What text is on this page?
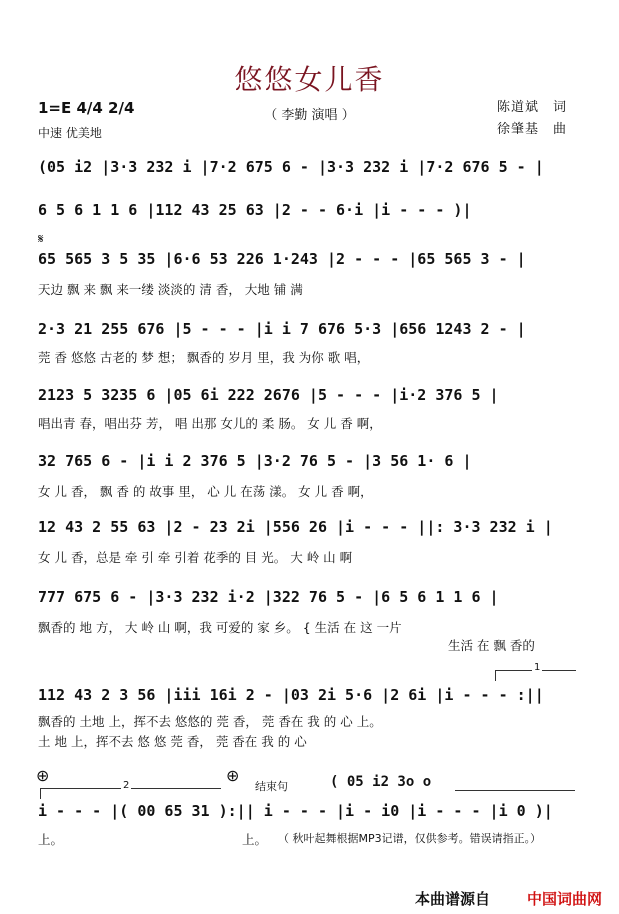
悠悠女儿香
（ 李勤 演唱 ）
1=E 4/4 2/4
中速 优美地
陈道斌　词
徐肇基　曲
(05 i2 |3·3 232 i |7·2 675 6 - |3·3 232 i |7·2 676 5 - |
6 5 6 1 1 6 |112 43 25 63 |2 - - 6·i |i - - - )|
𝄋
65 565 3 5 35 |6·6 53 226 1·243 |2 - - - |65 565 3 - |
天边 飘 来 飘 来一缕 淡淡的 清 香， 大地 铺 满
2·3 21 255 676 |5 - - - |i i 7 676 5·3 |656 1243 2 - |
莞 香 悠悠 古老的 梦 想； 飘香的 岁月 里，我 为你 歌 唱，
2123 5 3235 6 |05 6i 222 2676 |5 - - - |i·2 376 5 |
唱出青 春，唱出芬 芳， 唱 出那 女儿的 柔 肠。 女 儿 香 啊，
32 765 6 - |i i 2 376 5 |3·2 76 5 - |3 56 1· 6 |
女 儿 香， 飘 香 的 故事 里， 心 儿 在荡 漾。 女 儿 香 啊，
12 43 2 55 63 |2 - 23 2i |556 26 |i - - - ||: 3·3 232 i |
女 儿 香，总是 牵 引 牵 引着 花季的 目 光。 大 岭 山 啊
777 675 6 - |3·3 232 i·2 |322 76 5 - |6 5 6 1 1 6 |
飘香的 地 方， 大 岭 山 啊，我 可爱的 家 乡。 { 生活 在 这 一片
生活 在 飘 香的
1
112 43 2 3 56 |iii 16i 2 - |03 2i 5·6 |2 6i |i - - - :||
飘香的 土地 上，挥不去 悠悠的 莞 香， 莞 香在 我 的 心 上。
土 地 上，挥不去 悠 悠 莞 香， 莞 香在 我 的 心
⊕	⊕
2	结束句	( 05 i2 3o o
i - - - |( 00 65 31 ):|| i - - - |i - i0 |i - - - |i 0 )|
上。	上。 （ 秋叶起舞根据MP3记谱，仅供参考。错误请指正。）
本曲谱源自 中国词曲网
